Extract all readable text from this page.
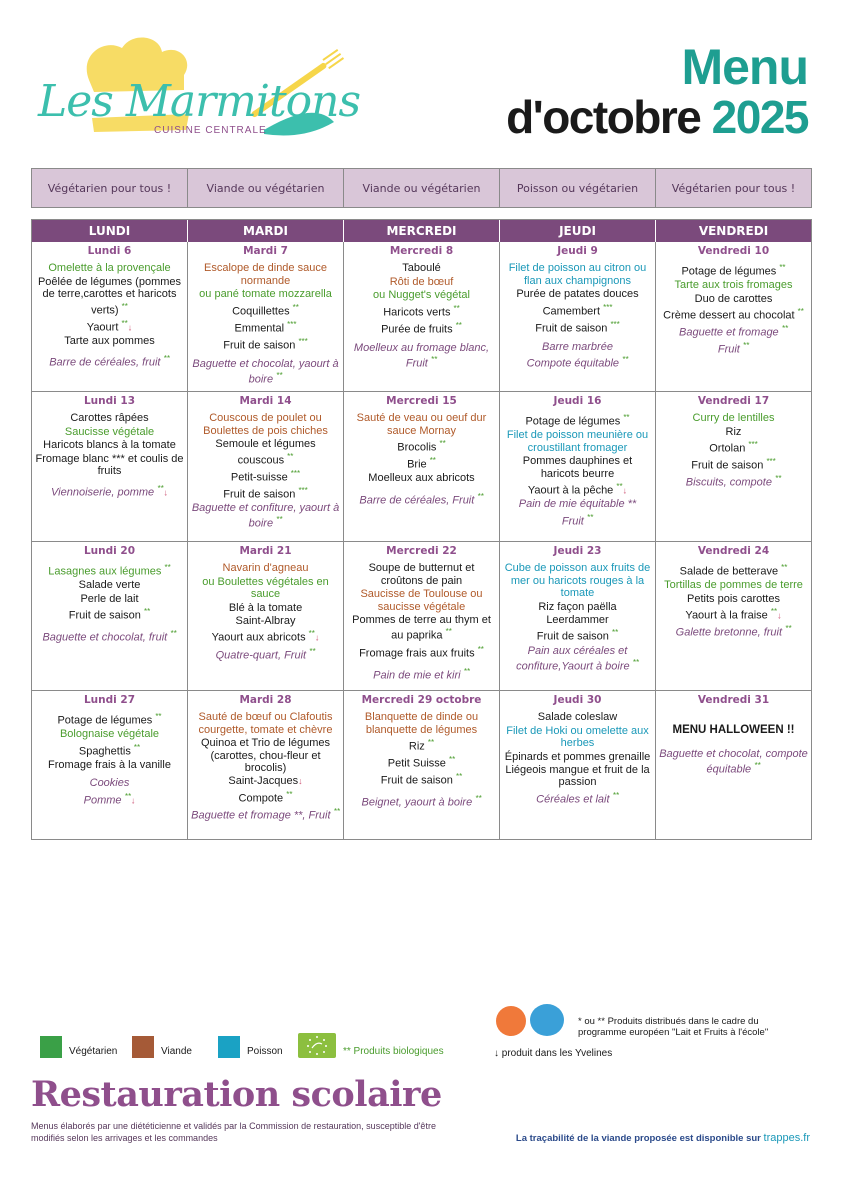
Les Marmitons
CUISINE CENTRALE
Menu
d'octobre 2025
Végétarien pour tous !	Viande ou végétarien	Viande ou végétarien	Poisson ou végétarien	Végétarien pour tous !
LUNDI	MARDI	MERCREDI	JEUDI	VENDREDI
Lundi 6
Omelette à la provençale
Poêlée de légumes (pommes de terre,carottes et haricots verts) **
Yaourt **↓
Tarte aux pommes
Barre de céréales, fruit **
Mardi 7
Escalope de dinde sauce normande
ou pané tomate mozzarella
Coquillettes **
Emmental ***
Fruit de saison ***
Baguette et chocolat, yaourt à boire **
Mercredi 8
Taboulé
Rôti de bœuf
ou Nugget's végétal
Haricots verts **
Purée de fruits **
Moelleux au fromage blanc, Fruit **
Jeudi 9
Filet de poisson au citron ou flan aux champignons
Purée de patates douces
Camembert ***
Fruit de saison ***
Barre marbrée
Compote équitable **
Vendredi 10
Potage de légumes **
Tarte aux trois fromages
Duo de carottes
Crème dessert au chocolat **
Baguette et fromage **
Fruit **
Lundi 13
Carottes râpées
Saucisse végétale
Haricots blancs à la tomate
Fromage blanc *** et coulis de fruits
Viennoiserie, pomme **↓
Mardi 14
Couscous de poulet ou Boulettes de pois chiches
Semoule et légumes couscous **
Petit-suisse ***
Fruit de saison ***
Baguette et confiture, yaourt à boire **
Mercredi 15
Sauté de veau ou oeuf dur sauce Mornay
Brocolis **
Brie **
Moelleux aux abricots
Barre de céréales, Fruit **
Jeudi 16
Potage de légumes **
Filet de poisson meunière ou croustillant fromager
Pommes dauphines et haricots beurre
Yaourt à la pêche **↓
Pain de mie équitable **
Fruit **
Vendredi 17
Curry de lentilles
Riz
Ortolan ***
Fruit de saison ***
Biscuits, compote **
Lundi 20
Lasagnes aux légumes **
Salade verte
Perle de lait
Fruit de saison **
Baguette et chocolat, fruit **
Mardi 21
Navarin d'agneau
ou Boulettes végétales en sauce
Blé à la tomate
Saint-Albray
Yaourt aux abricots **↓
Quatre-quart, Fruit **
Mercredi 22
Soupe de butternut et croûtons de pain
Saucisse de Toulouse ou saucisse végétale
Pommes de terre au thym et au paprika **
Fromage frais aux fruits **
Pain de mie et kiri **
Jeudi 23
Cube de poisson aux fruits de mer ou haricots rouges à la tomate
Riz façon paëlla
Leerdammer
Fruit de saison **
Pain aux céréales et confiture,Yaourt à boire **
Vendredi 24
Salade de betterave **
Tortillas de pommes de terre
Petits pois carottes
Yaourt à la fraise **↓
Galette bretonne, fruit **
Lundi 27
Potage de légumes **
Bolognaise végétale
Spaghettis **
Fromage frais à la vanille
Cookies
Pomme **↓
Mardi 28
Sauté de bœuf ou Clafoutis courgette, tomate et chèvre
Quinoa et Trio de légumes (carottes, chou-fleur et brocolis)
Saint-Jacques↓
Compote **
Baguette et fromage **, Fruit **
Mercredi 29 octobre
Blanquette de dinde ou blanquette de légumes
Riz **
Petit Suisse **
Fruit de saison **
Beignet, yaourt à boire **
Jeudi 30
Salade coleslaw
Filet de Hoki ou omelette aux herbes
Épinards et pommes grenaille
Liégeois mangue et fruit de la passion
Céréales et lait **
Vendredi 31
MENU HALLOWEEN !!
Baguette et chocolat, compote équitable **
Végétarien	Viande	Poisson	** Produits biologiques
* ou ** Produits distribués dans le cadre du programme européen "Lait et Fruits à l'école"
↓ produit dans les Yvelines
Restauration scolaire
Menus élaborés par une diététicienne et validés par la Commission de restauration, susceptible d'être modifiés selon les arrivages et les commandes	La traçabilité de la viande proposée est disponible sur trappes.fr
